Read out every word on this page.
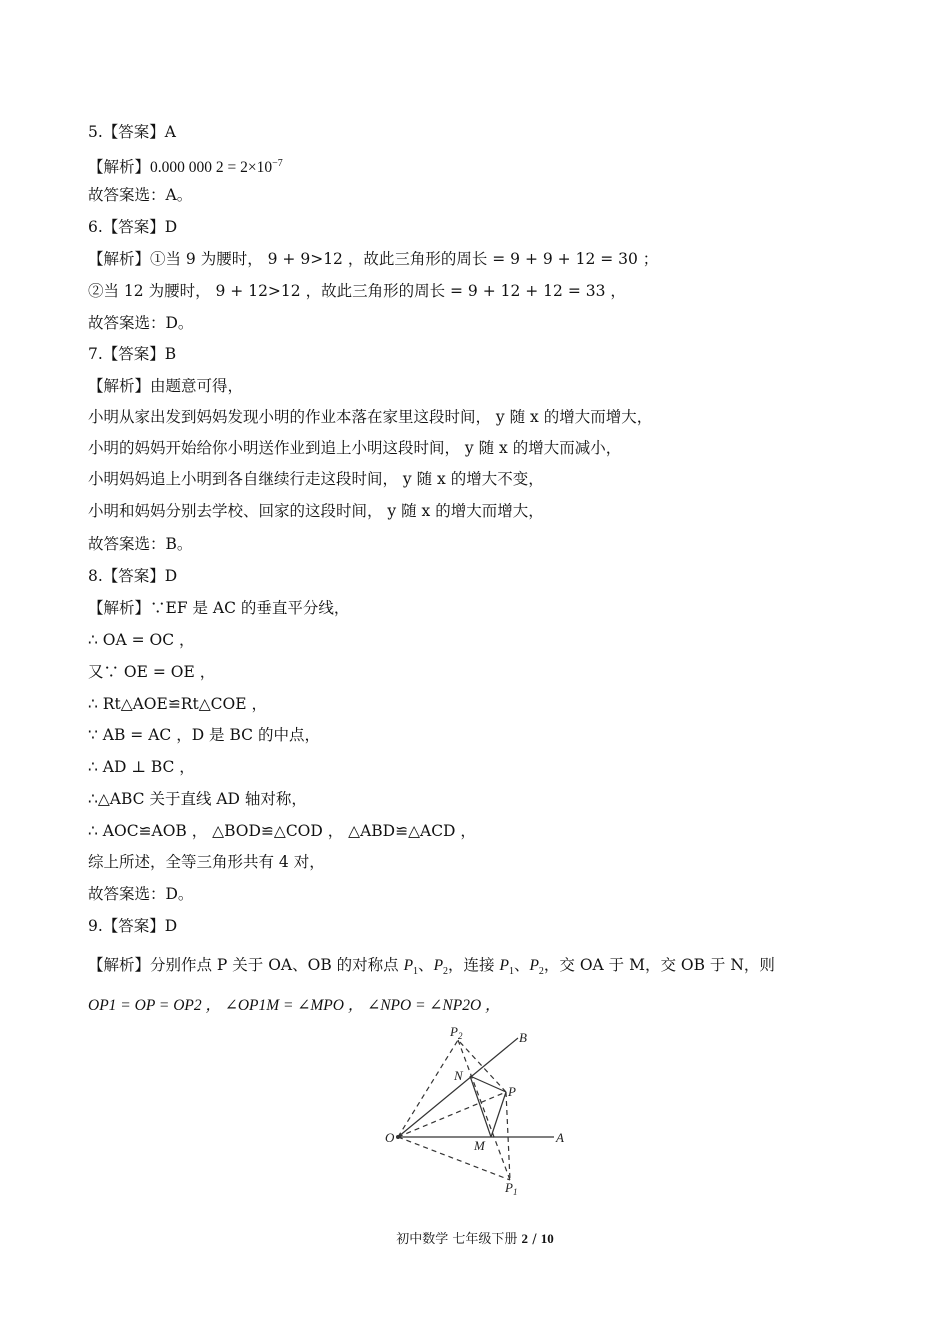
5.【答案】A
【解析】0.000 000 $2 = 2\times 10^{-7}$
故答案选：A。
6.【答案】D
【解析】①当 9 为腰时， 9 + 9>12 ，故此三角形的周长 = 9 + 9 + 12 = 30 ；
②当 12 为腰时， 9 + 12>12 ，故此三角形的周长 = 9 + 12 + 12 = 33 ，
故答案选：D。
7.【答案】B
【解析】由题意可得，
小明从家出发到妈妈发现小明的作业本落在家里这段时间， y 随 x 的增大而增大，
小明的妈妈开始给你小明送作业到追上小明这段时间， y 随 x 的增大而减小，
小明妈妈追上小明到各自继续行走这段时间， y 随 x 的增大不变，
小明和妈妈分别去学校、回家的这段时间， y 随 x 的增大而增大，
故答案选：B。
8.【答案】D
【解析】∵EF 是 AC 的垂直平分线，
∴ OA = OC ，
又∵ OE = OE ，
∴ Rt△AOE≌Rt△COE ，
∵ AB = AC ，D 是 BC 的中点，
∴ AD ⊥ BC ，
∴△ABC 关于直线 AD 轴对称，
∴ AOC≌AOB ， △BOD≌△COD ， △ABD≌△ACD ，
综上所述，全等三角形共有 4 对，
故答案选：D。
9.【答案】D
【解析】分别作点 P 关于 OA、OB 的对称点 $P_1$、$P_2$，连接 $P_1$、$P_2$，交 OA 于 M，交 OB 于 N，则
OP1 = OP = OP2 ， ∠OP1M = ∠MPO ， ∠NPO = ∠NP2O ，
$P_2$	B
N
P
O
M
A
$P_1$
初中数学 七年级下册 2 / 10
